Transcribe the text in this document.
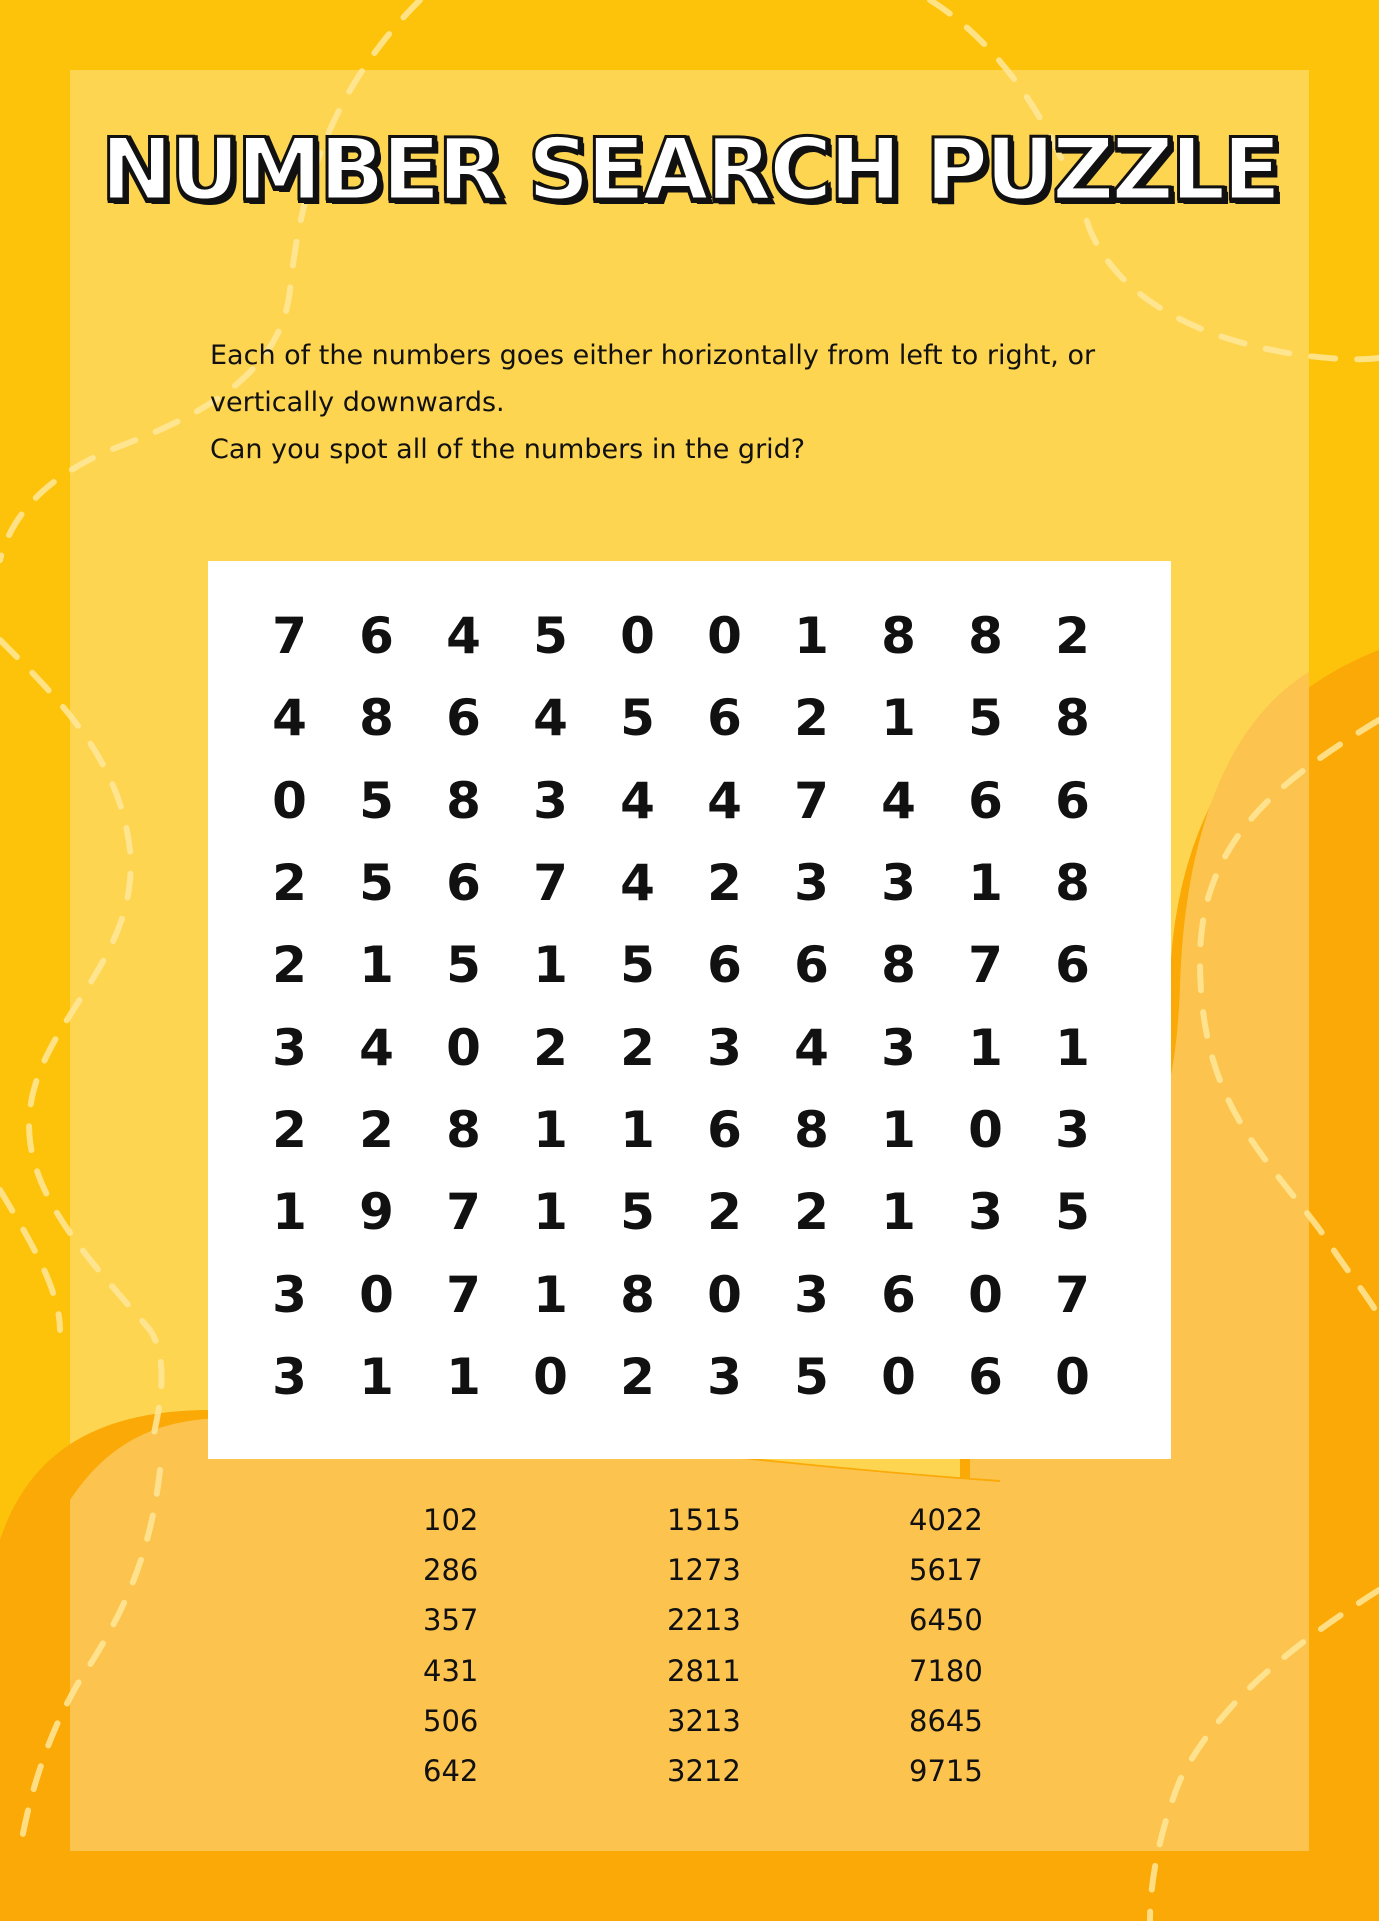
NUMBER SEARCH PUZZLE
Each of the numbers goes either horizontally from left to right, or
vertically downwards.
Can you spot all of the numbers in the grid?
7	6	4	5	0	0	1	8	8	2
4	8	6	4	5	6	2	1	5	8
0	5	8	3	4	4	7	4	6	6
2	5	6	7	4	2	3	3	1	8
2	1	5	1	5	6	6	8	7	6
3	4	0	2	2	3	4	3	1	1
2	2	8	1	1	6	8	1	0	3
1	9	7	1	5	2	2	1	3	5
3	0	7	1	8	0	3	6	0	7
3	1	1	0	2	3	5	0	6	0
102
286
357
431
506
642
1515
1273
2213
2811
3213
3212
4022
5617
6450
7180
8645
9715
